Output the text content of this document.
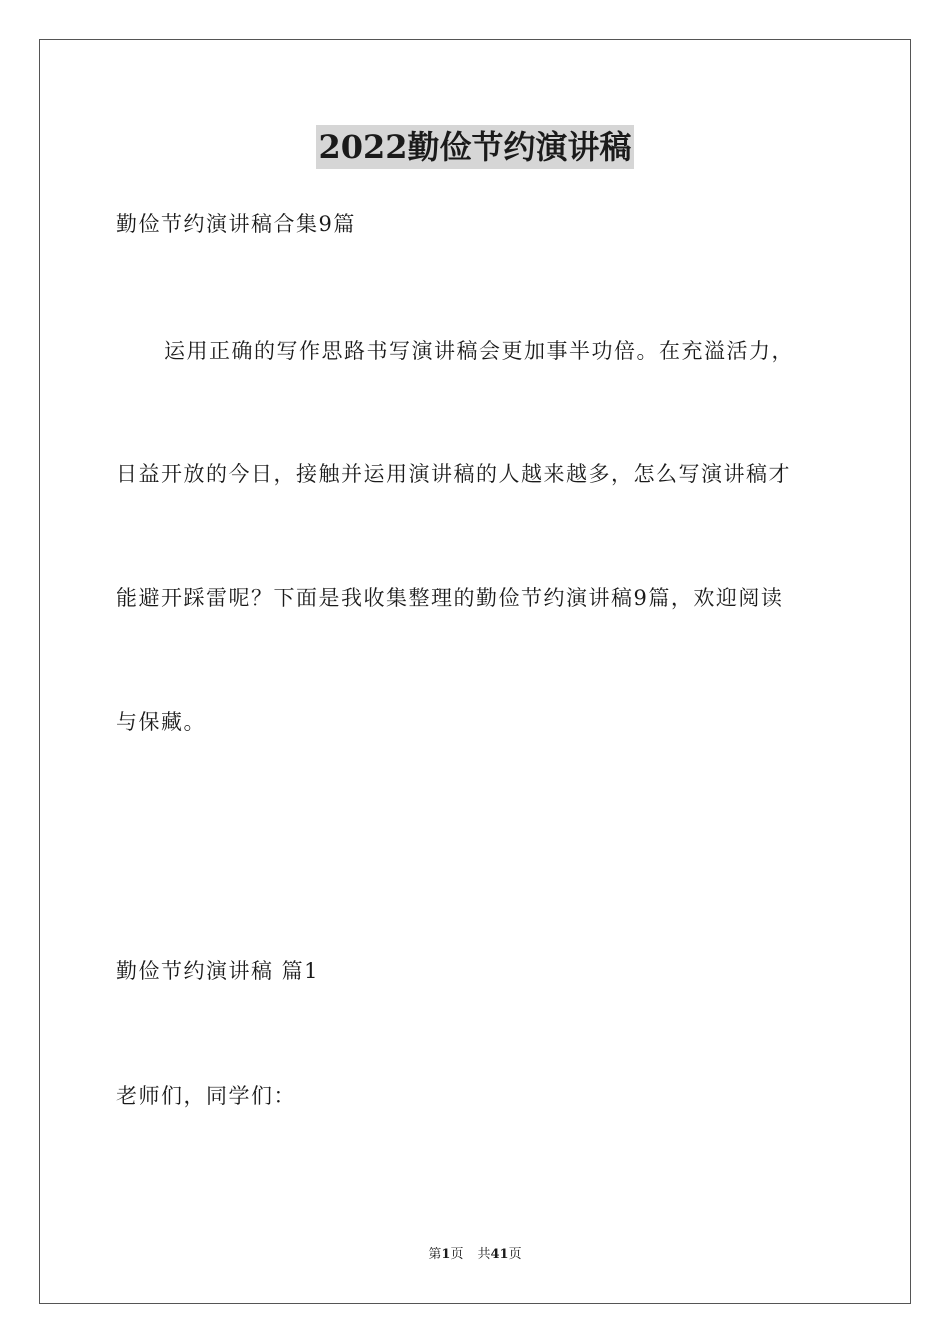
2022勤俭节约演讲稿
勤俭节约演讲稿合集9篇
运用正确的写作思路书写演讲稿会更加事半功倍。在充溢活力，
日益开放的今日，接触并运用演讲稿的人越来越多，怎么写演讲稿才
能避开踩雷呢？下面是我收集整理的勤俭节约演讲稿9篇，欢迎阅读
与保藏。
勤俭节约演讲稿 篇1
老师们，同学们：
第1页 共41页
